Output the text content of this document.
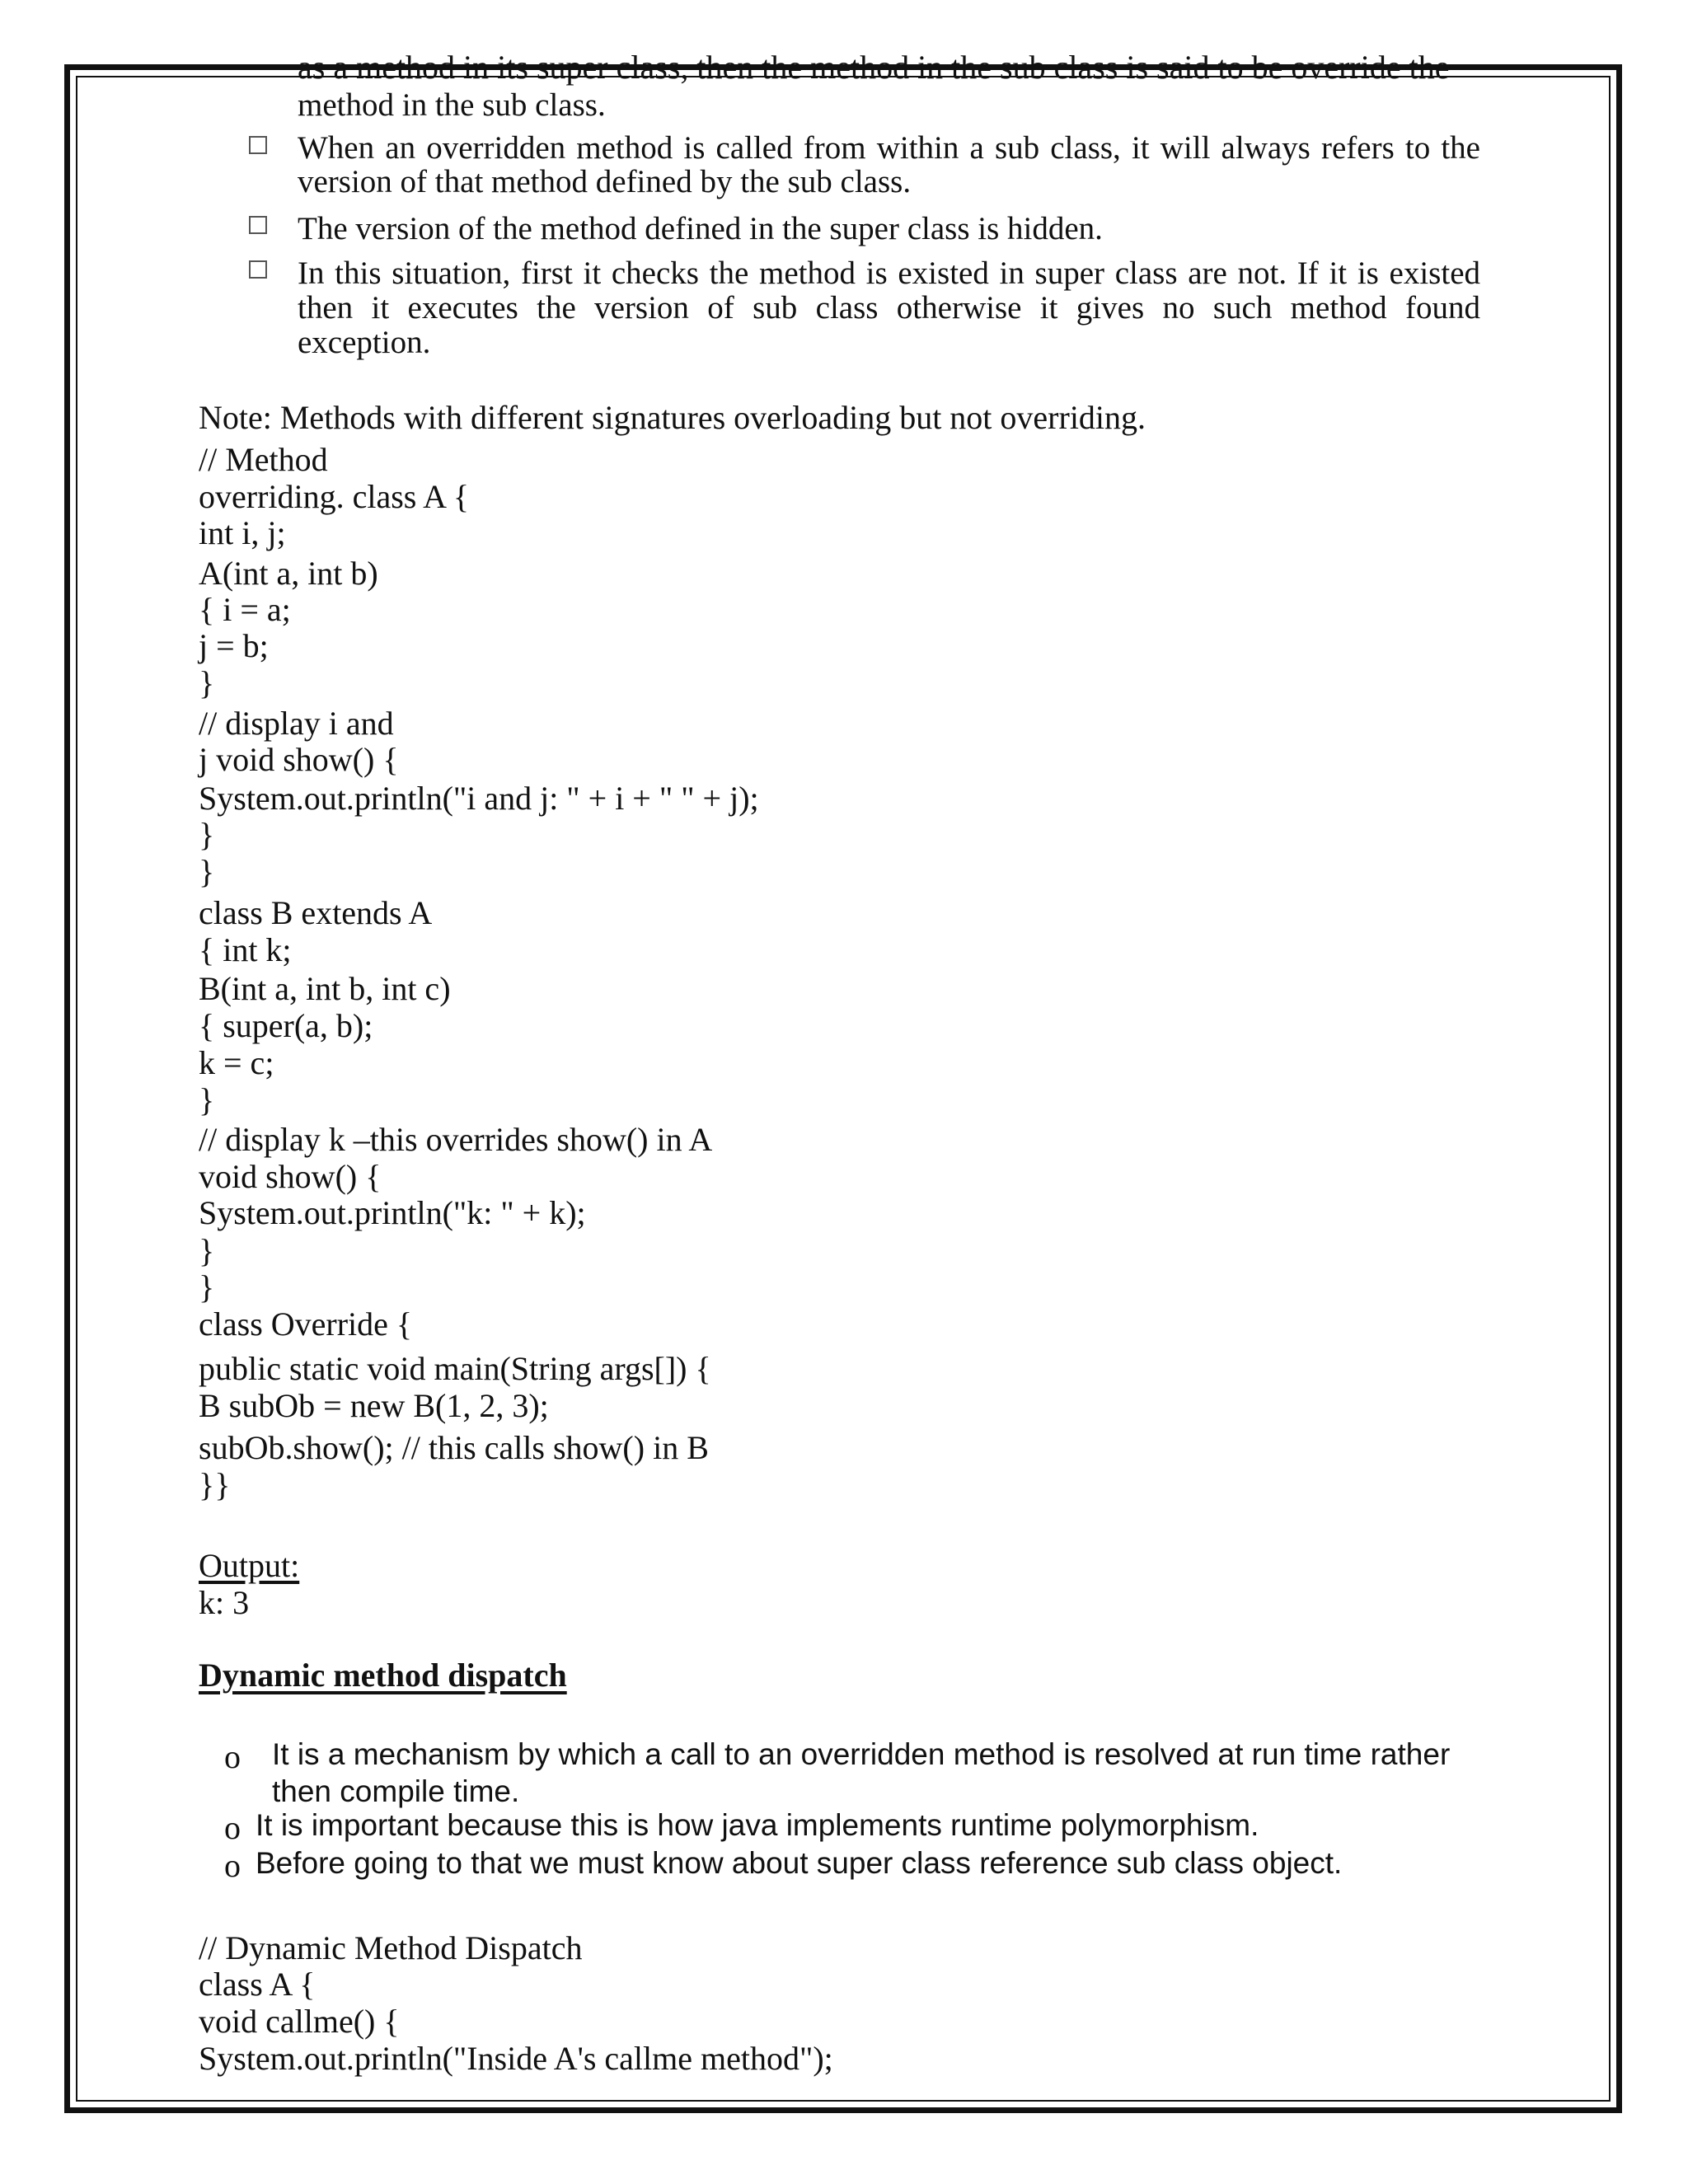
as a method in its super class, then the method in the sub class is said to be override the
method in the sub class.
When an overridden method is called from within a sub class, it will always refers to the
version of that method defined by the sub class.
The version of the method defined in the super class is hidden.
In this situation, first it checks the method is existed in super class are not. If it is existed
then it executes the version of sub class otherwise it gives no such method found
exception.
Note: Methods with different signatures overloading but not overriding.
// Method
overriding. class A {
int i, j;
A(int a, int b)
{ i = a;
j = b;
}
// display i and
j void show() {
System.out.println("i and j: " + i + " " + j);
}
}
class B extends A
{ int k;
B(int a, int b, int c)
{ super(a, b);
k = c;
}
// display k –this overrides show() in A
void show() {
System.out.println("k: " + k);
}
}
class Override {
public static void main(String args[]) {
B subOb = new B(1, 2, 3);
subOb.show(); // this calls show() in B
}}
Output:
k: 3
Dynamic method dispatch
o It is a mechanism by which a call to an overridden method is resolved at run time rather
then compile time.
o It is important because this is how java implements runtime polymorphism.
o Before going to that we must know about super class reference sub class object.
// Dynamic Method Dispatch
class A {
void callme() {
System.out.println("Inside A's callme method");
